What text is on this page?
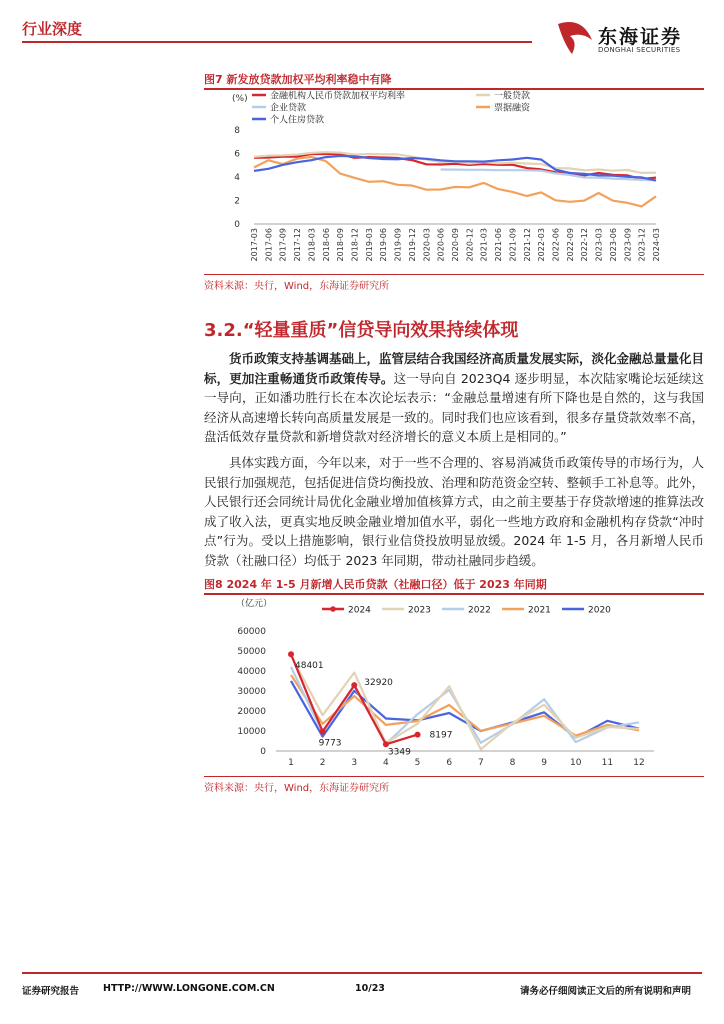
行业深度	东海证券
DONGHAI SECURITIES
图7 新发放贷款加权平均利率稳中有降
(%) 金融机构人民币贷款加权平均利率	一般贷款
企业贷款	票据融资
个人住房贷款
0
2
4
6
8
2017-03 2017-06 2017-09 2017-12 2018-03 2018-06 2018-09 2018-12 2019-03 2019-06 2019-09 2019-12 2020-03 2020-06 2020-09 2020-12 2021-03 2021-06 2021-09 2021-12 2022-03 2022-06 2022-09 2022-12 2023-03 2023-06 2023-09 2023-12 2024-03
资料来源：央行，Wind，东海证券研究所
3.2.“轻量重质”信贷导向效果持续体现
货币政策支持基调基础上，监管层结合我国经济高质量发展实际，淡化金融总量量化目标，更加注重畅通货币政策传导。这一导向自 2023Q4 逐步明显，本次陆家嘴论坛延续这一导向，正如潘功胜行长在本次论坛表示：“金融总量增速有所下降也是自然的，这与我国经济从高速增长转向高质量发展是一致的。同时我们也应该看到，很多存量贷款效率不高，盘活低效存量贷款和新增贷款对经济增长的意义本质上是相同的。”
具体实践方面，今年以来，对于一些不合理的、容易消减货币政策传导的市场行为，人民银行加强规范，包括促进信贷均衡投放、治理和防范资金空转、整顿手工补息等。此外，人民银行还会同统计局优化金融业增加值核算方式，由之前主要基于存贷款增速的推算法改成了收入法，更真实地反映金融业增加值水平，弱化一些地方政府和金融机构存贷款“冲时点”行为。受以上措施影响，银行业信贷投放明显放缓。2024 年 1-5 月，各月新增人民币贷款（社融口径）均低于 2023 年同期，带动社融同步趋缓。
图8 2024 年 1-5 月新增人民币贷款（社融口径）低于 2023 年同期
（亿元）
2024	2023	2022	2021	2020
0
10000
20000
30000
40000
50000
60000
1	2	3	4	5	6	7	8	9	10 11 12
48401
9773
32920
3349
8197
资料来源：央行，Wind，东海证券研究所
证券研究报告	HTTP://WWW.LONGONE.COM.CN	10/23	请务必仔细阅读正文后的所有说明和声明
